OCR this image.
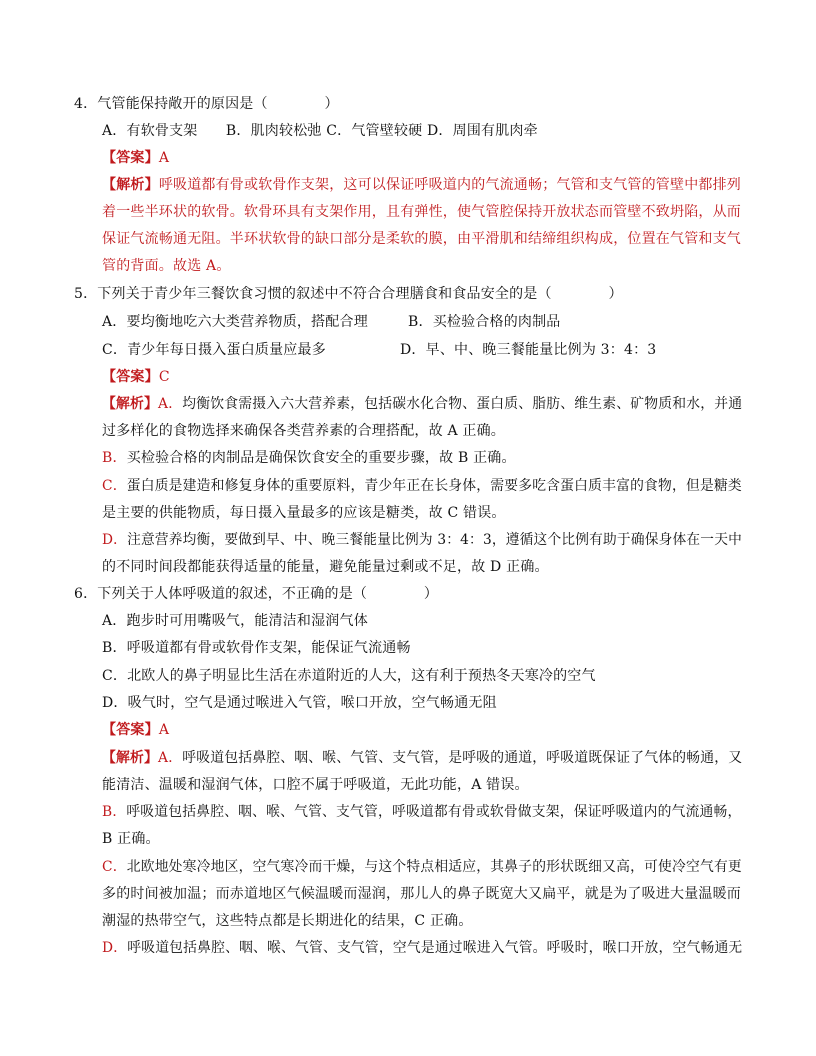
4．气管能保持敞开的原因是（　　　　）
A．有软骨支架　　B．肌肉较松弛 C．气管壁较硬 D．周围有肌肉牵
【答案】A
【解析】呼吸道都有骨或软骨作支架，这可以保证呼吸道内的气流通畅；气管和支气管的管壁中都排列
着一些半环状的软骨。软骨环具有支架作用，且有弹性，使气管腔保持开放状态而管壁不致坍陷，从而
保证气流畅通无阻。半环状软骨的缺口部分是柔软的膜，由平滑肌和结缔组织构成，位置在气管和支气
管的背面。故选 A。
5．下列关于青少年三餐饮食习惯的叙述中不符合合理膳食和食品安全的是（　　　　）
A．要均衡地吃六大类营养物质，搭配合理	B．买检验合格的肉制品
C．青少年每日摄入蛋白质量应最多	D．早、中、晚三餐能量比例为 3：4：3
【答案】C
【解析】A．均衡饮食需摄入六大营养素，包括碳水化合物、蛋白质、脂肪、维生素、矿物质和水，并通
过多样化的食物选择来确保各类营养素的合理搭配，故 A 正确。
B．买检验合格的肉制品是确保饮食安全的重要步骤，故 B 正确。
C．蛋白质是建造和修复身体的重要原料，青少年正在长身体，需要多吃含蛋白质丰富的食物，但是糖类
是主要的供能物质，每日摄入量最多的应该是糖类，故 C 错误。
D．注意营养均衡，要做到早、中、晚三餐能量比例为 3：4：3，遵循这个比例有助于确保身体在一天中
的不同时间段都能获得适量的能量，避免能量过剩或不足，故 D 正确。
6．下列关于人体呼吸道的叙述，不正确的是（　　　　）
A．跑步时可用嘴吸气，能清洁和湿润气体
B．呼吸道都有骨或软骨作支架，能保证气流通畅
C．北欧人的鼻子明显比生活在赤道附近的人大，这有利于预热冬天寒冷的空气
D．吸气时，空气是通过喉进入气管，喉口开放，空气畅通无阻
【答案】A
【解析】A．呼吸道包括鼻腔、咽、喉、气管、支气管，是呼吸的通道，呼吸道既保证了气体的畅通，又
能清洁、温暖和湿润气体，口腔不属于呼吸道，无此功能，A 错误。
B．呼吸道包括鼻腔、咽、喉、气管、支气管，呼吸道都有骨或软骨做支架，保证呼吸道内的气流通畅，
B 正确。
C．北欧地处寒冷地区，空气寒冷而干燥，与这个特点相适应，其鼻子的形状既细又高，可使冷空气有更
多的时间被加温；而赤道地区气候温暖而湿润，那儿人的鼻子既宽大又扁平，就是为了吸进大量温暖而
潮湿的热带空气，这些特点都是长期进化的结果，C 正确。
D．呼吸道包括鼻腔、咽、喉、气管、支气管，空气是通过喉进入气管。呼吸时，喉口开放，空气畅通无
